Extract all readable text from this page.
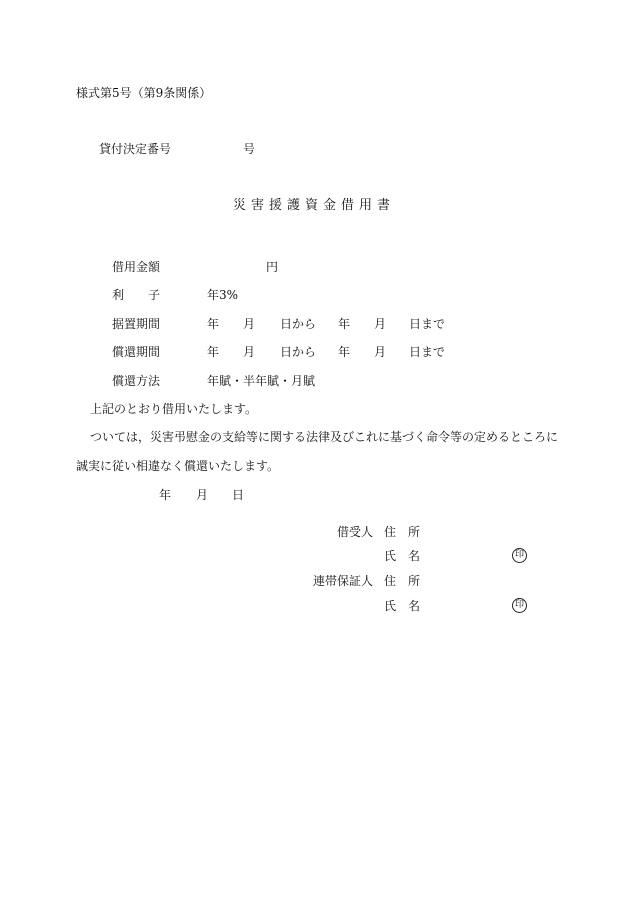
様式第5号（第9条関係）
貸付決定番号	号
災害援護資金借用書
借用金額	円
利 子	年3%
据置期間	年 月 日から 年 月 日まで
償還期間	年 月 日から 年 月 日まで
償還方法	年賦・半年賦・月賦
上記のとおり借用いたします。
ついては，災害弔慰金の支給等に関する法律及びこれに基づく命令等の定めるところに
誠実に従い相違なく償還いたします。
年 月 日
借受人 住 所
氏 名	印
連帯保証人 住 所
氏 名	印
